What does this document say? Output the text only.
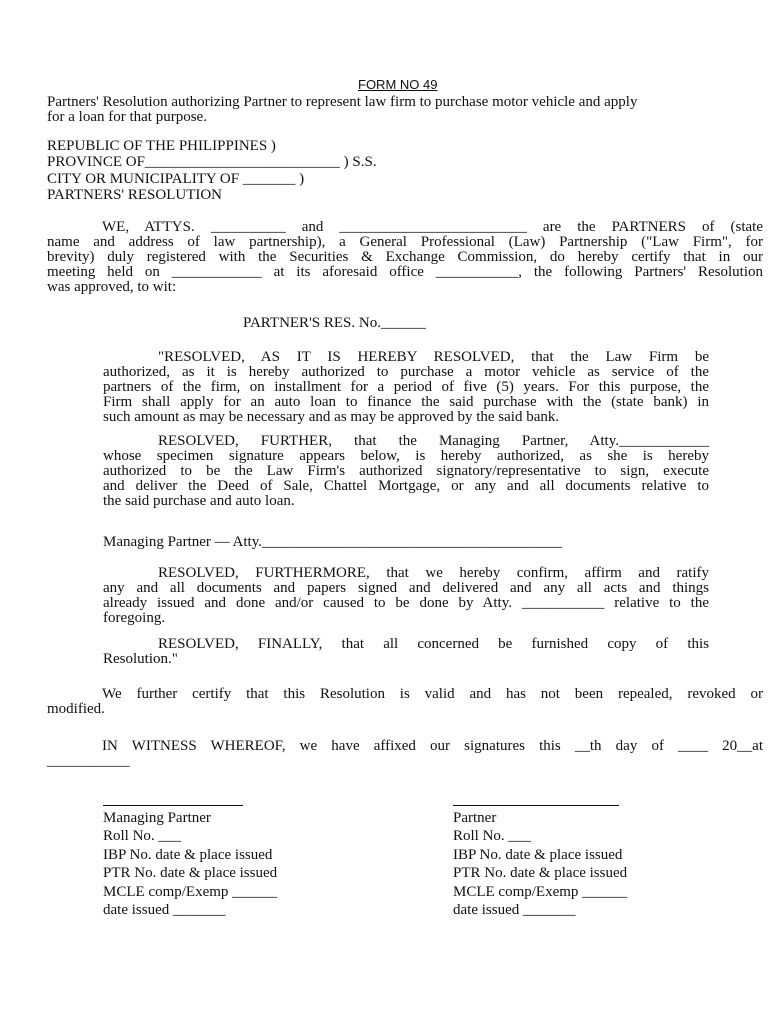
FORM NO 49
Partners' Resolution authorizing Partner to represent law firm to purchase motor vehicle and apply
for a loan for that purpose.
REPUBLIC OF THE PHILIPPINES )
PROVINCE OF__________________________ ) S.S.
CITY OR MUNICIPALITY OF _______ )
PARTNERS' RESOLUTION
WE, ATTYS. __________ and _________________________ are the PARTNERS of (state
name and address of law partnership), a General Professional (Law) Partnership ("Law Firm", for
brevity) duly registered with the Securities & Exchange Commission, do hereby certify that in our
meeting held on ____________ at its aforesaid office ___________, the following Partners' Resolution
was approved, to wit:
PARTNER'S RES. No.______
"RESOLVED, AS IT IS HEREBY RESOLVED, that the Law Firm be
authorized, as it is hereby authorized to purchase a motor vehicle as service of the
partners of the firm, on installment for a period of five (5) years. For this purpose, the
Firm shall apply for an auto loan to finance the said purchase with the (state bank) in
such amount as may be necessary and as may be approved by the said bank.
RESOLVED, FURTHER, that the Managing Partner, Atty.____________
whose specimen signature appears below, is hereby authorized, as she is hereby
authorized to be the Law Firm's authorized signatory/representative to sign, execute
and deliver the Deed of Sale, Chattel Mortgage, or any and all documents relative to
the said purchase and auto loan.
Managing Partner — Atty.________________________________________
RESOLVED, FURTHERMORE, that we hereby confirm, affirm and ratify
any and all documents and papers signed and delivered and any all acts and things
already issued and done and/or caused to be done by Atty. ___________ relative to the
foregoing.
RESOLVED, FINALLY, that all concerned be furnished copy of this
Resolution."
We further certify that this Resolution is valid and has not been repealed, revoked or
modified.
IN WITNESS WHEREOF, we have affixed our signatures this __th day of ____ 20__at
___________
Managing Partner
Roll No. ___
IBP No. date & place issued
PTR No. date & place issued
MCLE comp/Exemp ______
date issued _______
Partner
Roll No. ___
IBP No. date & place issued
PTR No. date & place issued
MCLE comp/Exemp ______
date issued _______
